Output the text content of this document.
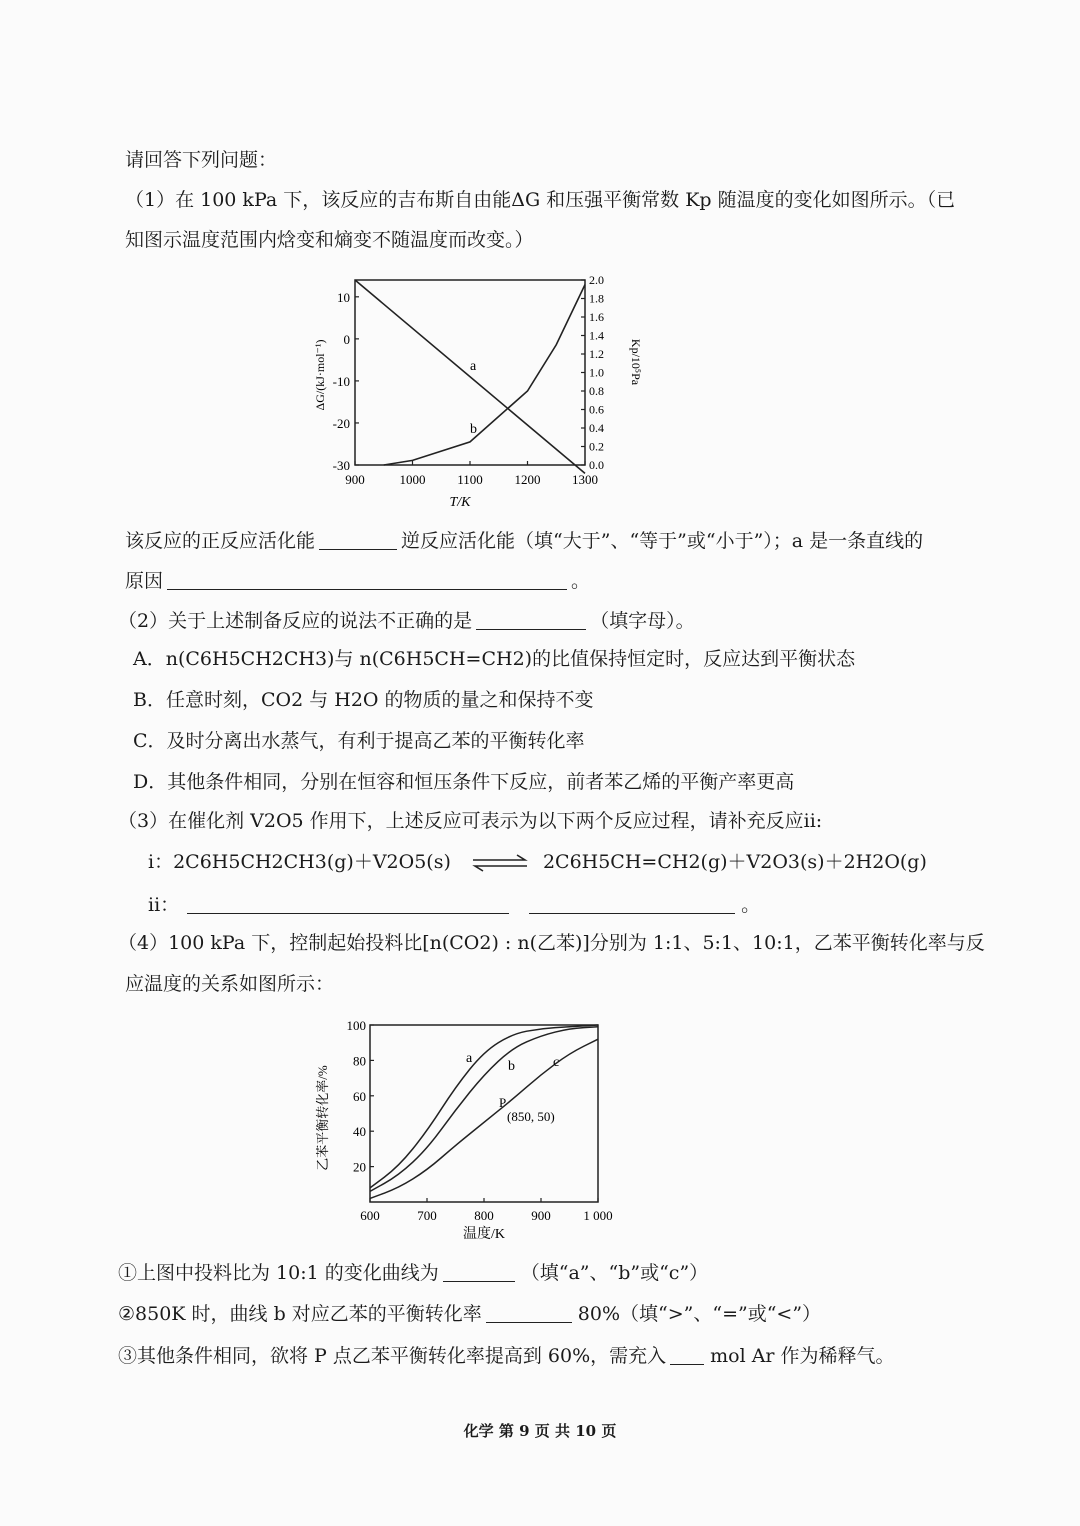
请回答下列问题：
（1）在 100 kPa 下，该反应的吉布斯自由能ΔG 和压强平衡常数 Kp 随温度的变化如图所示。（已
知图示温度范围内焓变和熵变不随温度而改变。）
900	1000 1100 1200 1300
10
0
-10
-20
-30
2.0
1.8
1.6
1.4
1.2
1.0
0.8
0.6
0.4
0.2
0.0
a
b
T/K
ΔG/(kJ·mol⁻¹)	Kp/10⁵Pa
该反应的正反应活化能	逆反应活化能（填“大于”、“等于”或“小于”）；a 是一条直线的
原因	。
（2）关于上述制备反应的说法不正确的是	（填字母）。
A．n(C6H5CH2CH3)与 n(C6H5CH=CH2)的比值保持恒定时，反应达到平衡状态
B．任意时刻，CO2 与 H2O 的物质的量之和保持不变
C．及时分离出水蒸气，有利于提高乙苯的平衡转化率
D．其他条件相同，分别在恒容和恒压条件下反应，前者苯乙烯的平衡产率更高
（3）在催化剂 V2O5 作用下，上述反应可表示为以下两个反应过程，请补充反应ii:
i：2C6H5CH2CH3(g)＋V2O5(s) ⇌ 2C6H5CH=CH2(g)＋V2O3(s)＋2H2O(g)
ii：	。
（4）100 kPa 下，控制起始投料比[n(CO2) : n(乙苯)]分别为 1:1、5:1、10:1，乙苯平衡转化率与反
应温度的关系如图所示：
600	700	800	900	1 000
100
80
60
40
20
a
b	c
P
(850, 50)
温度/K
乙苯平衡转化率/%
①上图中投料比为 10:1 的变化曲线为	（填“a”、“b”或“c”）
②850K 时，曲线 b 对应乙苯的平衡转化率	80%（填“>”、“=”或“<”）
③其他条件相同，欲将 P 点乙苯平衡转化率提高到 60%，需充入 mol Ar 作为稀释气。
化学 第 9 页 共 10 页
